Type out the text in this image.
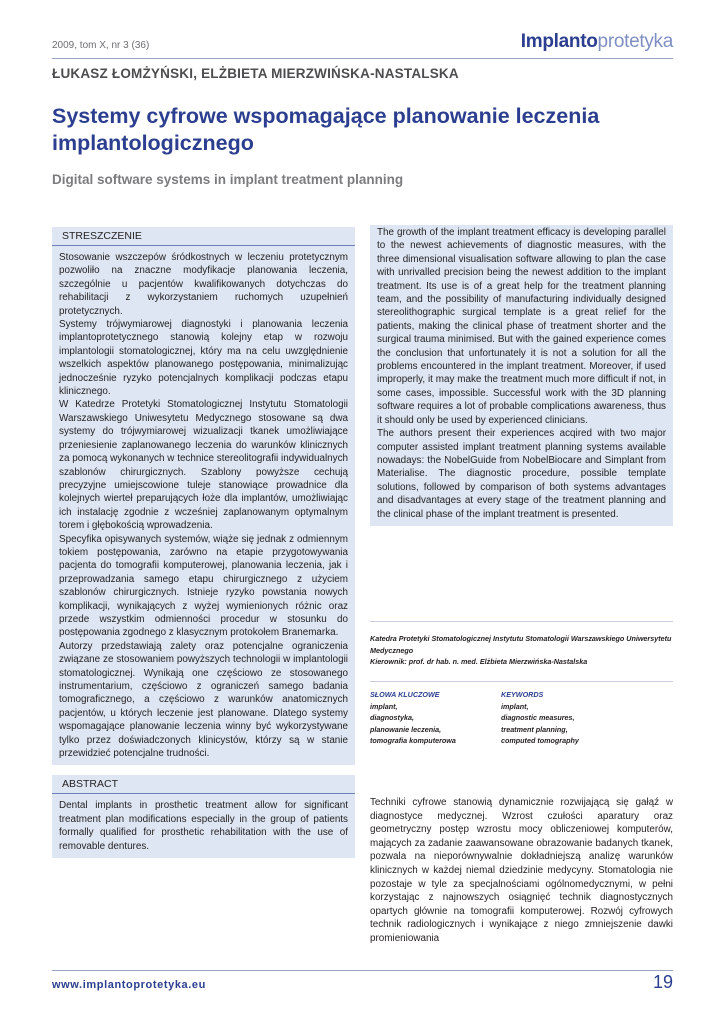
2009, tom X, nr 3 (36)	Implantoprotetyka
ŁUKASZ ŁOMŻYŃSKI, ELŻBIETA MIERZWIŃSKA-NASTALSKA
Systemy cyfrowe wspomagające planowanie leczenia implantologicznego
Digital software systems in implant treatment planning
STRESZCZENIE

Stosowanie wszczepów śródkostnych w leczeniu protetycznym pozwoliło na znaczne modyfikacje planowania leczenia, szczególnie u pacjentów kwalifikowanych dotychczas do rehabilitacji z wykorzystaniem ruchomych uzupełnień protetycznych.

Systemy trójwymiarowej diagnostyki i planowania leczenia implantoprotetycznego stanowią kolejny etap w rozwoju implantologii stomatologicznej, który ma na celu uwzględnienie wszelkich aspektów planowanego postępowania, minimalizując jednocześnie ryzyko potencjalnych komplikacji podczas etapu klinicznego.

W Katedrze Protetyki Stomatologicznej Instytutu Stomatologii Warszawskiego Uniwesytetu Medycznego stosowane są dwa systemy do trójwymiarowej wizualizacji tkanek umożliwiające przeniesienie zaplanowanego leczenia do warunków klinicznych za pomocą wykonanych w technice stereolitografii indywidualnych szablonów chirurgicznych. Szablony powyższe cechują precyzyjne umiejscowione tuleje stanowiące prowadnice dla kolejnych wierteł preparujących łoże dla implantów, umożliwiając ich instalację zgodnie z wcześniej zaplanowanym optymalnym torem i głębokością wprowadzenia.

Specyfika opisywanych systemów, wiąże się jednak z odmiennym tokiem postępowania, zarówno na etapie przygotowywania pacjenta do tomografii komputerowej, planowania leczenia, jak i przeprowadzania samego etapu chirurgicznego z użyciem szablonów chirurgicznych. Istnieje ryzyko powstania nowych komplikacji, wynikających z wyżej wymienionych różnic oraz przede wszystkim odmienności procedur w stosunku do postępowania zgodnego z klasycznym protokołem Branemarka.

Autorzy przedstawiają zalety oraz potencjalne ograniczenia związane ze stosowaniem powyższych technologii w implantologii stomatologicznej. Wynikają one częściowo ze stosowanego instrumentarium, częściowo z ograniczeń samego badania tomograficznego, a częściowo z warunków anatomicznych pacjentów, u których leczenie jest planowane. Dlatego systemy wspomagające planowanie leczenia winny być wykorzystywane tylko przez doświadczonych klinicystów, którzy są w stanie przewidzieć potencjalne trudności.

ABSTRACT

Dental implants in prosthetic treatment allow for significant treatment plan modifications especially in the group of patients formally qualified for prosthetic rehabilitation with the use of removable dentures.

The growth of the implant treatment efficacy is developing parallel to the newest achievements of diagnostic measures, with the three dimensional visualisation software allowing to plan the case with unrivalled precision being the newest addition to the implant treatment. Its use is of a great help for the treatment planning team, and the possibility of manufacturing individually designed stereolithographic surgical template is a great relief for the patients, making the clinical phase of treatment shorter and the surgical trauma minimised. But with the gained experience comes the conclusion that unfortunately it is not a solution for all the problems encountered in the implant treatment. Moreover, if used improperly, it may make the treatment much more difficult if not, in some cases, impossible. Successful work with the 3D planning software requires a lot of probable complications awareness, thus it should only be used by experienced clinicians.

The authors present their experiences acqired with two major computer assisted implant treatment planning systems available nowadays: the NobelGuide from NobelBiocare and Simplant from Materialise. The diagnostic procedure, possible template solutions, followed by comparison of both systems advantages and disadvantages at every stage of the treatment planning and the clinical phase of the implant treatment is presented.

Katedra Protetyki Stomatologicznej Instytutu Stomatologii Warszawskiego Uniwersytetu Medycznego
Kierownik: prof. dr hab. n. med. Elżbieta Mierzwińska-Nastalska
SŁOWA KLUCZOWE
implant,
diagnostyka,
planowanie leczenia,
tomografia komputerowa
KEYWORDS
implant,
diagnostic measures,
treatment planning,
computed tomography

Techniki cyfrowe stanowią dynamicznie rozwijającą się gałąź w diagnostyce medycznej. Wzrost czułości aparatury oraz geometryczny postęp wzrostu mocy obliczeniowej komputerów, mających za zadanie zaawansowane obrazowanie badanych tkanek, pozwala na nieporównywalnie dokładniejszą analizę warunków klinicznych w każdej niemal dziedzinie medycyny. Stomatologia nie pozostaje w tyle za specjalnościami ogólnomedycznymi, w pełni korzystając z najnowszych osiągnięć technik diagnostycznych opartych głównie na tomografii komputerowej. Rozwój cyfrowych technik radiologicznych i wynikające z niego zmniejszenie dawki promieniowania

www.implantoprotetyka.eu	19
